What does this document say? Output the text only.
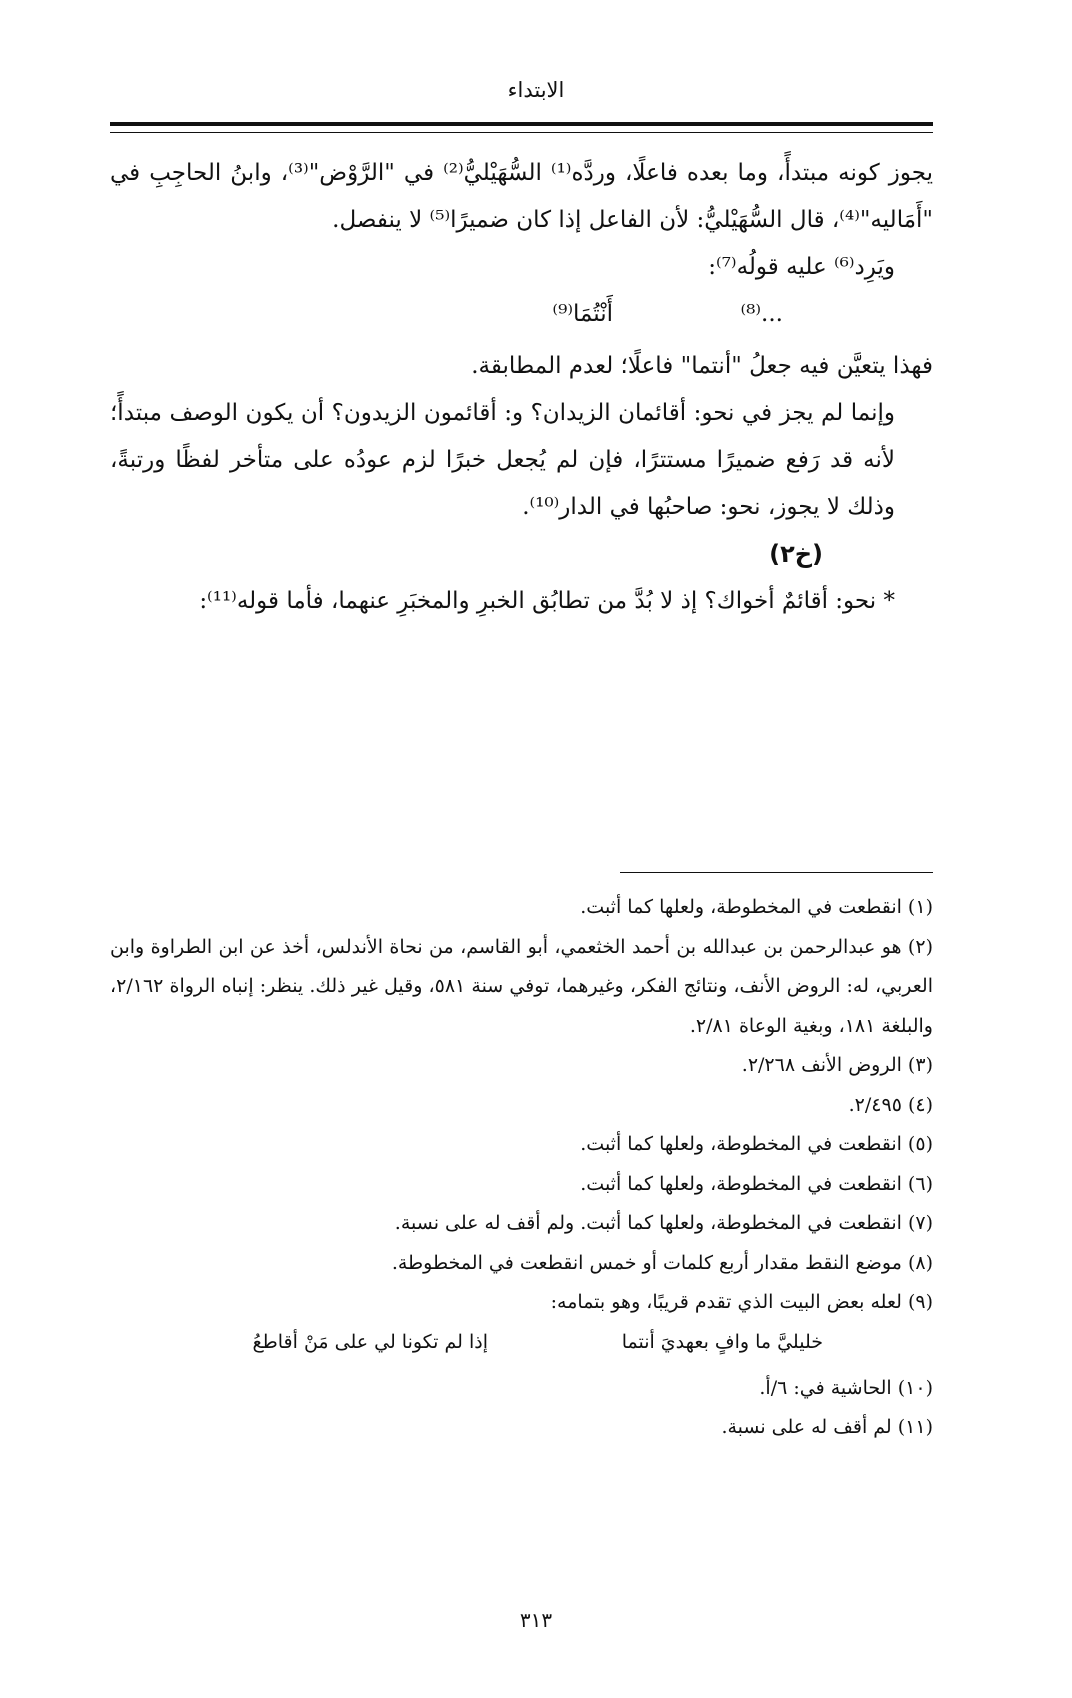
الابتداء

يجوز كونه مبتدأً، وما بعده فاعلًا، وردَّه⁽¹⁾ السُّهَيْليُّ⁽²⁾ في "الرَّوْض"⁽³⁾، وابنُ الحاجِبِ في "أَمَاليه"⁽⁴⁾، قال السُّهَيْليُّ: لأن الفاعل إذا كان ضميرًا⁽⁵⁾ لا ينفصل.

ويَرِد⁽⁶⁾ عليه قولُه⁽⁷⁾:

...⁽⁸⁾
أَنْتُمَا⁽⁹⁾

فهذا يتعيَّن فيه جعلُ "أنتما" فاعلًا؛ لعدم المطابقة.

وإنما لم يجز في نحو: أقائمان الزيدان؟ و: أقائمون الزيدون؟ أن يكون الوصف مبتدأً؛ لأنه قد رَفع ضميرًا مستترًا، فإن لم يُجعل خبرًا لزم عودُه على متأخر لفظًا ورتبةً، وذلك لا يجوز، نحو: صاحبُها في الدار⁽¹⁰⁾.

(خ٢)

* نحو: أقائمٌ أخواك؟ إذ لا بُدَّ من تطابُق الخبرِ والمخبَرِ عنهما، فأما قوله⁽¹¹⁾:

(١) انقطعت في المخطوطة، ولعلها كما أثبت.

(٢) هو عبدالرحمن بن عبدالله بن أحمد الخثعمي، أبو القاسم، من نحاة الأندلس، أخذ عن ابن الطراوة وابن العربي، له: الروض الأنف، ونتائج الفكر، وغيرهما، توفي سنة ٥٨١، وقيل غير ذلك. ينظر: إنباه الرواة ٢/١٦٢، والبلغة ١٨١، وبغية الوعاة ٢/٨١.

(٣) الروض الأنف ٢/٢٦٨.

(٤) ٢/٤٩٥.

(٥) انقطعت في المخطوطة، ولعلها كما أثبت.

(٦) انقطعت في المخطوطة، ولعلها كما أثبت.

(٧) انقطعت في المخطوطة، ولعلها كما أثبت. ولم أقف له على نسبة.

(٨) موضع النقط مقدار أربع كلمات أو خمس انقطعت في المخطوطة.

(٩) لعله بعض البيت الذي تقدم قريبًا، وهو بتمامه:

خليليَّ ما وافٍ بعهديَ أنتما
إذا لم تكونا لي على مَنْ أقاطعُ

(١٠) الحاشية في: ٦/أ.

(١١) لم أقف له على نسبة.

٣١٣
